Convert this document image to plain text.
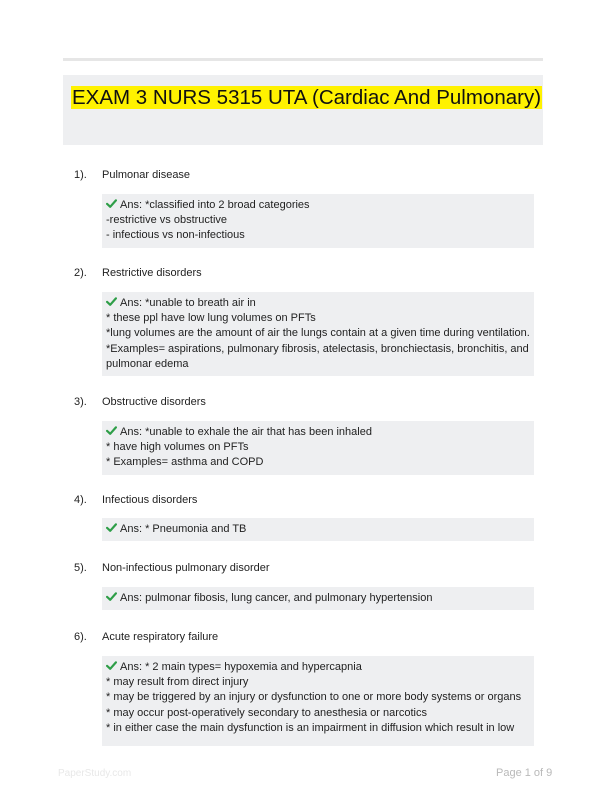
EXAM 3 NURS 5315 UTA (Cardiac And Pulmonary)
1).	Pulmonar disease
Ans: *classified into 2 broad categories
-restrictive vs obstructive
- infectious vs non-infectious
2).	Restrictive disorders
Ans: *unable to breath air in
* these ppl have low lung volumes on PFTs
*lung volumes are the amount of air the lungs contain at a given time during ventilation.
*Examples= aspirations, pulmonary fibrosis, atelectasis, bronchiectasis, bronchitis, and
pulmonar edema
3).	Obstructive disorders
Ans: *unable to exhale the air that has been inhaled
* have high volumes on PFTs
* Examples= asthma and COPD
4).	Infectious disorders
Ans: * Pneumonia and TB
5).	Non-infectious pulmonary disorder
Ans: pulmonar fibosis, lung cancer, and pulmonary hypertension
6).	Acute respiratory failure
Ans: * 2 main types= hypoxemia and hypercapnia
* may result from direct injury
* may be triggered by an injury or dysfunction to one or more body systems or organs
* may occur post-operatively secondary to anesthesia or narcotics
* in either case the main dysfunction is an impairment in diffusion which result in low
PaperStudy.com	Page 1 of 9
